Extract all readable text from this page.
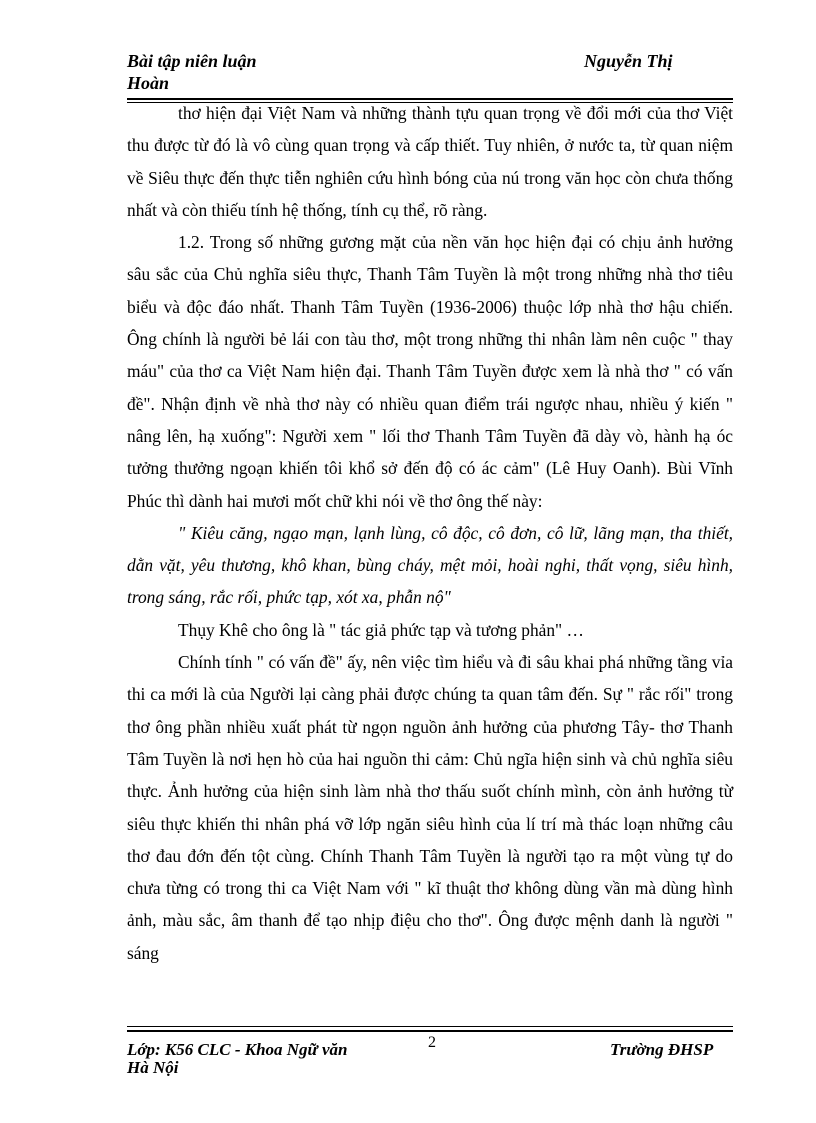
Bài tập niên luận	Nguyễn Thị
Hoàn

thơ hiện đại Việt Nam và những thành tựu quan trọng về đổi mới của thơ Việt thu được từ đó là vô cùng quan trọng và cấp thiết. Tuy nhiên, ở nước ta, từ quan niệm về Siêu thực đến thực tiễn nghiên cứu hình bóng của nú trong văn học còn chưa thống nhất và còn thiếu tính hệ thống, tính cụ thể, rõ ràng.

1.2. Trong số những gương mặt của nền văn học hiện đại có chịu ảnh hưởng sâu sắc của Chủ nghĩa siêu thực, Thanh Tâm Tuyền là một trong những nhà thơ tiêu biểu và độc đáo nhất. Thanh Tâm Tuyền (1936-2006) thuộc lớp nhà thơ hậu chiến. Ông chính là người bẻ lái con tàu thơ, một trong những thi nhân làm nên cuộc " thay máu" của thơ ca Việt Nam hiện đại. Thanh Tâm Tuyền được xem là nhà thơ " có vấn đề". Nhận định về nhà thơ này có nhiều quan điểm trái ngược nhau, nhiều ý kiến " nâng lên, hạ xuống": Người xem " lối thơ Thanh Tâm Tuyền đã dày vò, hành hạ óc tưởng thưởng ngoạn khiến tôi khổ sở đến độ có ác cảm" (Lê Huy Oanh). Bùi Vĩnh Phúc thì dành hai mươi mốt chữ khi nói về thơ ông thế này:

" Kiêu căng, ngạo mạn, lạnh lùng, cô độc, cô đơn, cô lữ, lãng mạn, tha thiết, dằn vặt, yêu thương, khô khan, bùng cháy, mệt mỏi, hoài nghi, thất vọng, siêu hình, trong sáng, rắc rối, phức tạp, xót xa, phẫn nộ"

Thụy Khê cho ông là " tác giả phức tạp và tương phản" …

Chính tính " có vấn đề" ấy, nên việc tìm hiểu và đi sâu khai phá những tầng vỉa thi ca mới là của Người lại càng phải được chúng ta quan tâm đến. Sự " rắc rối" trong thơ ông phần nhiều xuất phát từ ngọn nguồn ảnh hưởng của phương Tây- thơ Thanh Tâm Tuyền là nơi hẹn hò của hai nguồn thi cảm: Chủ ngĩa hiện sinh và chủ nghĩa siêu thực. Ảnh hưởng của hiện sinh làm nhà thơ thấu suốt chính mình, còn ảnh hưởng từ siêu thực khiến thi nhân phá vỡ lớp ngăn siêu hình của lí trí mà thác loạn những câu thơ đau đớn đến tột cùng. Chính Thanh Tâm Tuyền là người tạo ra một vùng tự do chưa từng có trong thi ca Việt Nam với " kĩ thuật thơ không dùng vần mà dùng hình ảnh, màu sắc, âm thanh để tạo nhịp điệu cho thơ". Ông được mệnh danh là người " sáng

Lớp: K56 CLC - Khoa Ngữ văn	2	Trường ĐHSP
Hà Nội
